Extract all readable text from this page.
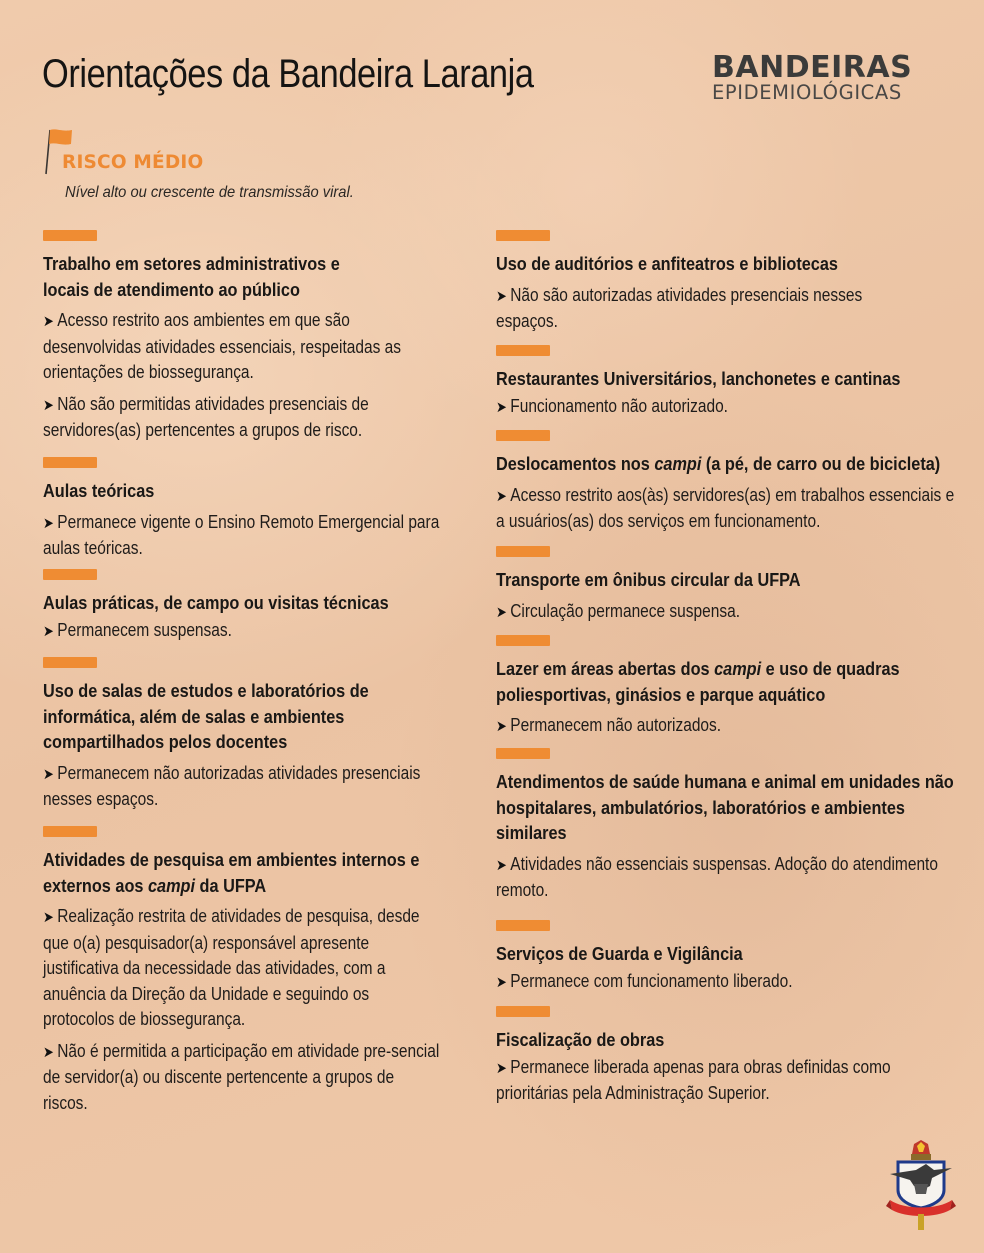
Orientações da Bandeira Laranja	BANDEIRAS
EPIDEMIOLÓGICAS
RISCO MÉDIO
Nível alto ou crescente de transmissão viral.

Trabalho em setores administrativos e
locais de atendimento ao público

➤ Acesso restrito aos ambientes em que são desenvolvidas atividades essenciais, respeitadas as orientações de biossegurança.

➤ Não são permitidas atividades presenciais de servidores(as) pertencentes a grupos de risco.

Aulas teóricas

➤ Permanece vigente o Ensino Remoto Emergencial para aulas teóricas.

Aulas práticas, de campo ou visitas técnicas

➤ Permanecem suspensas.

Uso de salas de estudos e laboratórios de
informática, além de salas e ambientes
compartilhados pelos docentes

➤ Permanecem não autorizadas atividades presenciais nesses espaços.

Atividades de pesquisa em ambientes internos e externos aos campi da UFPA

➤ Realização restrita de atividades de pesquisa, desde que o(a) pesquisador(a) responsável apresente justificativa da necessidade das atividades, com a anuência da Direção da Unidade e seguindo os protocolos de biossegurança.

➤ Não é permitida a participação em atividade pre-sencial de servidor(a) ou discente pertencente a grupos de riscos.

Uso de auditórios e anfiteatros e bibliotecas

➤ Não são autorizadas atividades presenciais nesses espaços.

Restaurantes Universitários, lanchonetes e cantinas

➤ Funcionamento não autorizado.

Deslocamentos nos campi (a pé, de carro ou de bicicleta)

➤ Acesso restrito aos(às) servidores(as) em trabalhos essenciais e a usuários(as) dos serviços em funcionamento.

Transporte em ônibus circular da UFPA

➤ Circulação permanece suspensa.

Lazer em áreas abertas dos campi e uso de quadras poliesportivas, ginásios e parque aquático

➤ Permanecem não autorizados.

Atendimentos de saúde humana e animal em unidades não hospitalares, ambulatórios, laboratórios e ambientes similares

➤ Atividades não essenciais suspensas. Adoção do atendimento remoto.

Serviços de Guarda e Vigilância

➤ Permanece com funcionamento liberado.

Fiscalização de obras

➤ Permanece liberada apenas para obras definidas como prioritárias pela Administração Superior.
